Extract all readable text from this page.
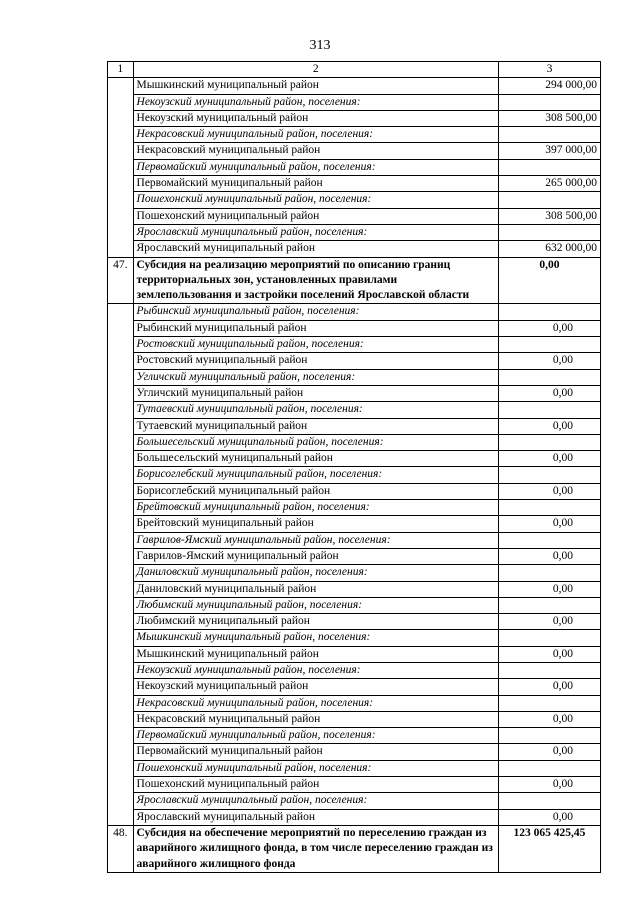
313
1	2	3
	Мышкинский муниципальный район	294 000,00
	Некоузский муниципальный район, поселения:	
	Некоузский муниципальный район	308 500,00
	Некрасовский муниципальный район, поселения:	
	Некрасовский муниципальный район	397 000,00
	Первомайский муниципальный район, поселения:	
	Первомайский муниципальный район	265 000,00
	Пошехонский муниципальный район, поселения:	
	Пошехонский муниципальный район	308 500,00
	Ярославский муниципальный район, поселения:	
	Ярославский муниципальный район	632 000,00
47.	Субсидия на реализацию мероприятий по описанию границ территориальных зон, установленных правилами землепользования и застройки поселений Ярославской области	0,00
	Рыбинский муниципальный район, поселения:	
	Рыбинский муниципальный район	0,00
	Ростовский муниципальный район, поселения:	
	Ростовский муниципальный район	0,00
	Угличский муниципальный район, поселения:	
	Угличский муниципальный район	0,00
	Тутаевский муниципальный район, поселения:	
	Тутаевский муниципальный район	0,00
	Большесельский муниципальный район, поселения:	
	Большесельский муниципальный район	0,00
	Борисоглебский муниципальный район, поселения:	
	Борисоглебский муниципальный район	0,00
	Брейтовский муниципальный район, поселения:	
	Брейтовский муниципальный район	0,00
	Гаврилов-Ямский муниципальный район, поселения:	
	Гаврилов-Ямский муниципальный район	0,00
	Даниловский муниципальный район, поселения:	
	Даниловский муниципальный район	0,00
	Любимский муниципальный район, поселения:	
	Любимский муниципальный район	0,00
	Мышкинский муниципальный район, поселения:	
	Мышкинский муниципальный район	0,00
	Некоузский муниципальный район, поселения:	
	Некоузский муниципальный район	0,00
	Некрасовский муниципальный район, поселения:	
	Некрасовский муниципальный район	0,00
	Первомайский муниципальный район, поселения:	
	Первомайский муниципальный район	0,00
	Пошехонский муниципальный район, поселения:	
	Пошехонский муниципальный район	0,00
	Ярославский муниципальный район, поселения:	
	Ярославский муниципальный район	0,00
48.	Субсидия на обеспечение мероприятий по переселению граждан из аварийного жилищного фонда, в том числе переселению граждан из аварийного жилищного фонда	123 065 425,45
